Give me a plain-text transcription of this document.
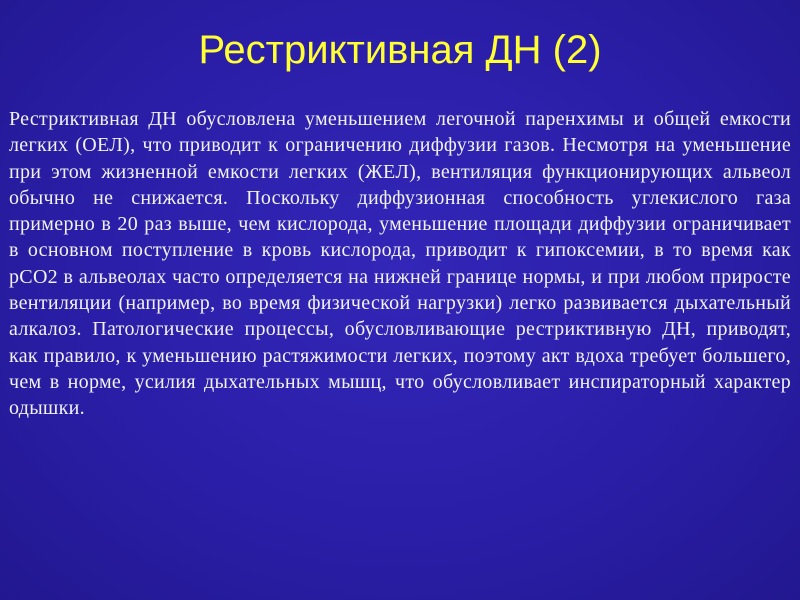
Рестриктивная ДН (2)

Рестриктивная ДН обусловлена уменьшением легочной паренхимы и общей емкости легких (ОЕЛ), что приводит к ограничению диффузии газов. Несмотря на уменьшение при этом жизненной емкости легких (ЖЕЛ), вентиляция функционирующих альвеол обычно не снижается. Поскольку диффузионная способность углекислого газа примерно в 20 раз выше, чем кислорода, уменьшение площади диффузии ограничивает в основном поступление в кровь кислорода, приводит к гипоксемии, в то время как рСО2 в альвеолах часто определяется на нижней границе нормы, и при любом приросте вентиляции (например, во время физической нагрузки) легко развивается дыхательный алкалоз. Патологические процессы, обусловливающие рестриктивную ДН, приводят, как правило, к уменьшению растяжимости легких, поэтому акт вдоха требует большего, чем в норме, усилия дыхательных мышц, что обусловливает инспираторный характер одышки.
